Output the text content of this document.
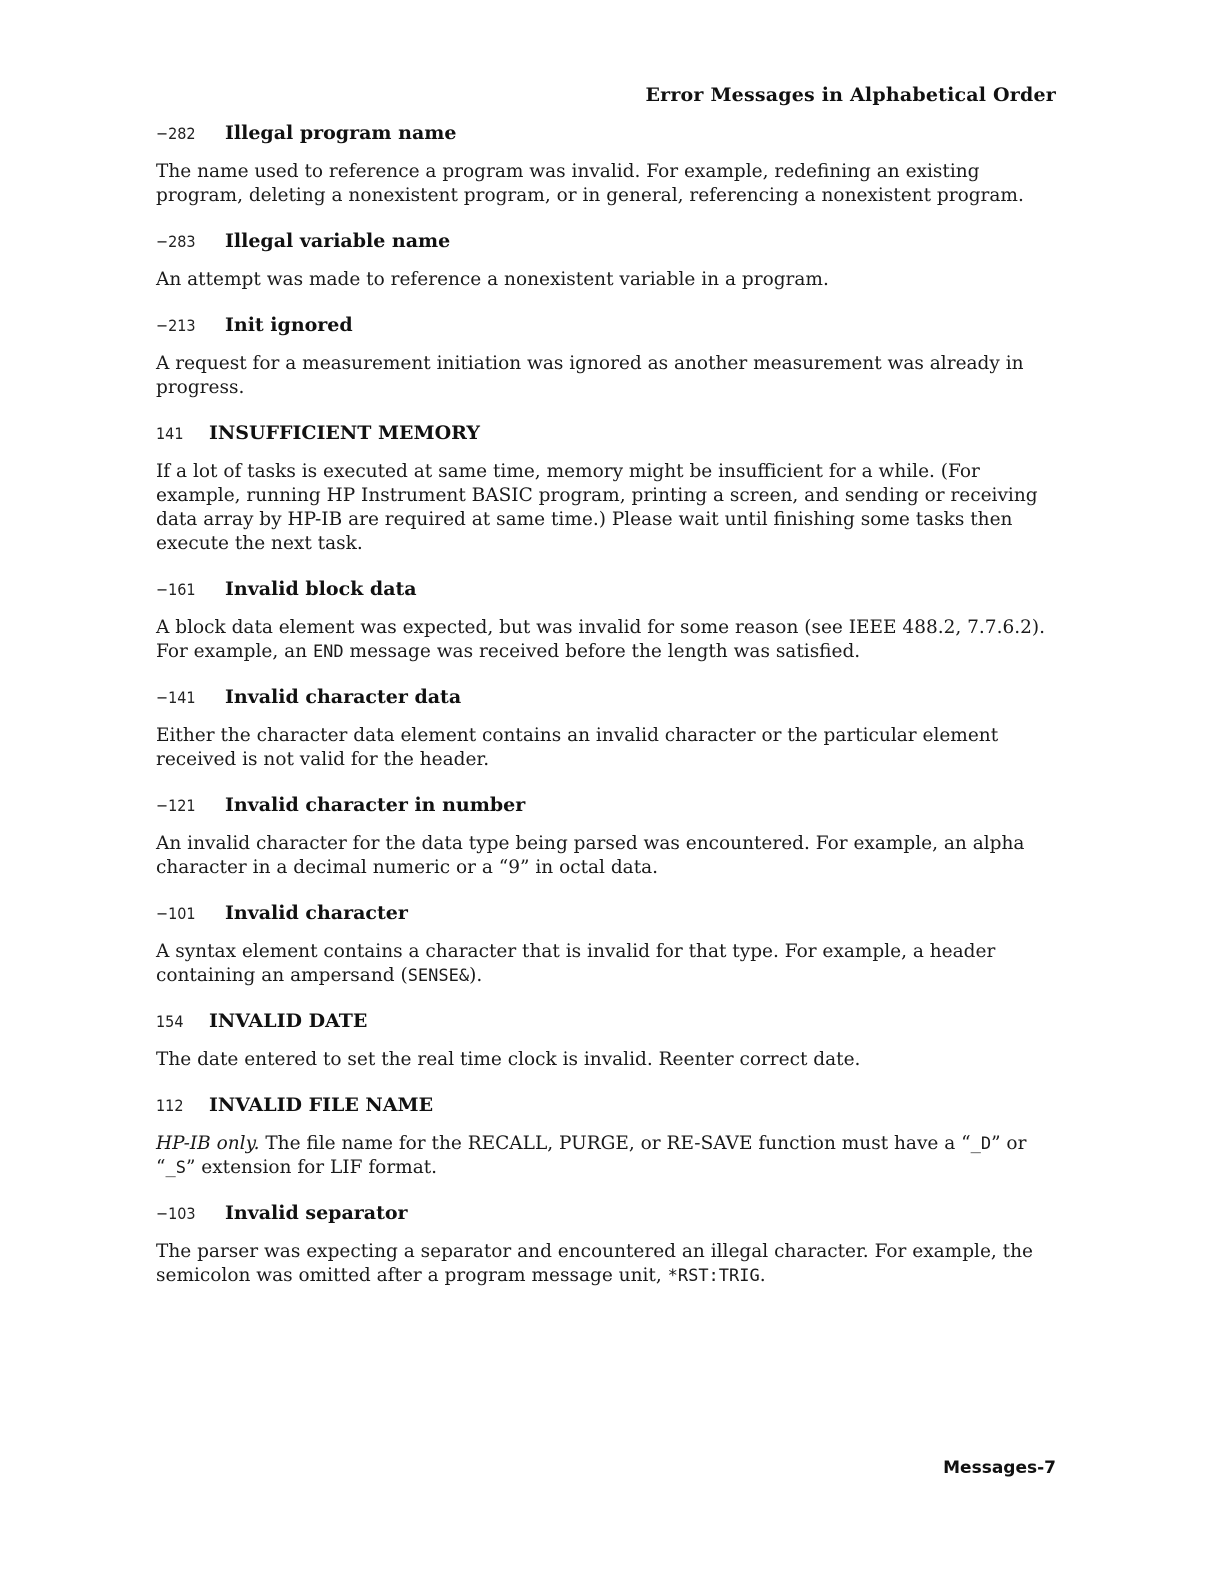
Error Messages in Alphabetical Order
−282	Illegal program name
The name used to reference a program was invalid. For example, redefining an existing program, deleting a nonexistent program, or in general, referencing a nonexistent program.
−283	Illegal variable name
An attempt was made to reference a nonexistent variable in a program.
−213	Init ignored
A request for a measurement initiation was ignored as another measurement was already in progress.
141	INSUFFICIENT MEMORY
If a lot of tasks is executed at same time, memory might be insufficient for a while. (For example, running HP Instrument BASIC program, printing a screen, and sending or receiving data array by HP-IB are required at same time.) Please wait until finishing some tasks then execute the next task.
−161	Invalid block data
A block data element was expected, but was invalid for some reason (see IEEE 488.2, 7.7.6.2). For example, an END message was received before the length was satisfied.
−141	Invalid character data
Either the character data element contains an invalid character or the particular element received is not valid for the header.
−121	Invalid character in number
An invalid character for the data type being parsed was encountered. For example, an alpha character in a decimal numeric or a “9” in octal data.
−101	Invalid character
A syntax element contains a character that is invalid for that type. For example, a header containing an ampersand (SENSE&).
154	INVALID DATE
The date entered to set the real time clock is invalid. Reenter correct date.
112	INVALID FILE NAME
HP-IB only. The file name for the RECALL, PURGE, or RE-SAVE function must have a “_D” or “_S” extension for LIF format.
−103	Invalid separator
The parser was expecting a separator and encountered an illegal character. For example, the semicolon was omitted after a program message unit, *RST:TRIG.
Messages-7
